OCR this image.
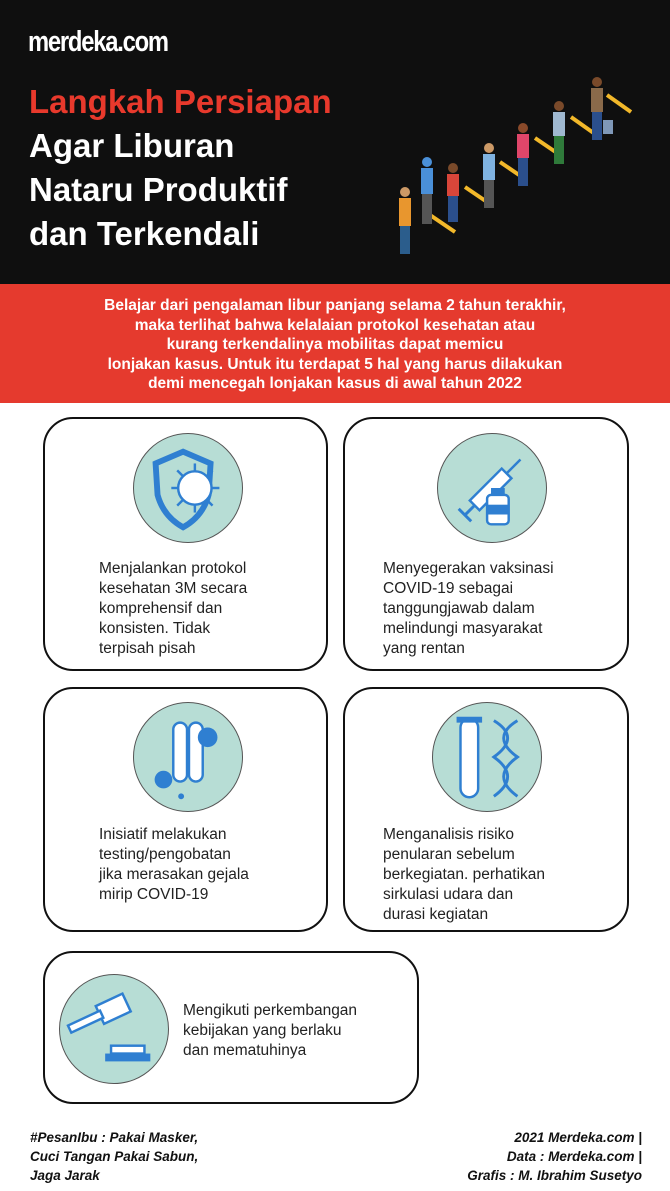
merdeka.com
Langkah Persiapan
Agar Liburan
Nataru Produktif
dan Terkendali
Belajar dari pengalaman libur panjang selama 2 tahun terakhir,
maka terlihat bahwa kelalaian protokol kesehatan atau
kurang terkendalinya mobilitas dapat memicu
lonjakan kasus. Untuk itu terdapat 5 hal yang harus dilakukan
demi mencegah lonjakan kasus di awal tahun 2022
Menjalankan protokol
kesehatan 3M secara
komprehensif dan
konsisten. Tidak
terpisah pisah
Menyegerakan vaksinasi
COVID-19 sebagai
tanggungjawab dalam
melindungi masyarakat
yang rentan
Inisiatif melakukan
testing/pengobatan
jika merasakan gejala
mirip COVID-19
Menganalisis risiko
penularan sebelum
berkegiatan. perhatikan
sirkulasi udara dan
durasi kegiatan
Mengikuti perkembangan
kebijakan yang berlaku
dan mematuhinya
#PesanIbu : Pakai Masker,
Cuci Tangan Pakai Sabun,
Jaga Jarak
2021 Merdeka.com |
Data : Merdeka.com |
Grafis : M. Ibrahim Susetyo
